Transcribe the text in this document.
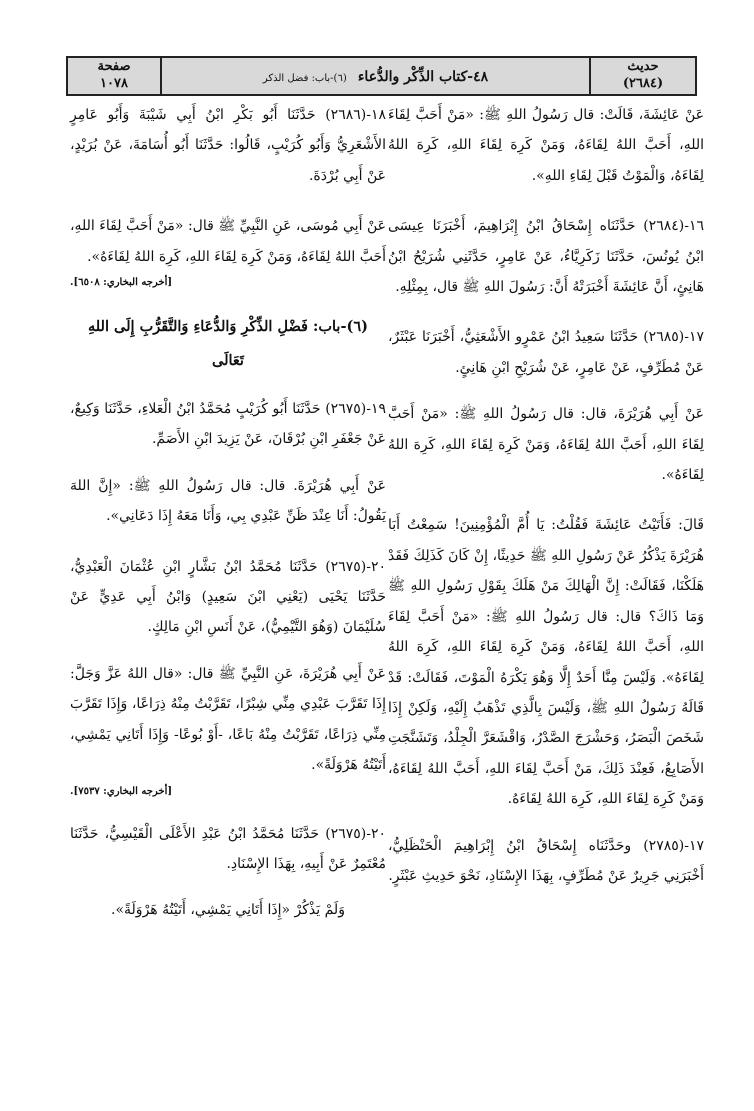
حديث
(٢٦٨٤)
٤٨-كتاب الذِّكْر والدُّعاء (٦)-باب: فضل الذكر
صفحة
١٠٧٨

عَنْ عَائِشَةَ، قَالَتْ: قال رَسُولُ اللهِ ﷺ: «مَنْ أَحَبَّ لِقَاءَ اللهِ، أَحَبَّ اللهُ لِقَاءَهُ، وَمَنْ كَرِهَ لِقَاءَ اللهِ، كَرِهَ اللهُ لِقَاءَهُ، وَالْمَوْتُ قَبْلَ لِقَاءِ اللهِ».

١٦-(٢٦٨٤) حَدَّثَنَاه إِسْحَاقُ ابْنُ إِبْرَاهِيمَ، أَخْبَرَنَا عِيسَى ابْنُ يُونُسَ، حَدَّثَنَا زَكَرِيَّاءُ، عَنْ عَامِرٍ، حَدَّثَنِي شُرَيْحُ ابْنُ هَانِئٍ، أَنَّ عَائِشَةَ أَخْبَرَتْهُ أَنَّ: رَسُولَ اللهِ ﷺ قال، بِمِثْلِهِ.

١٧-(٢٦٨٥) حَدَّثَنَا سَعِيدُ ابْنُ عَمْرٍو الأَشْعَثِيُّ، أَخْبَرَنَا عَبْثَرٌ، عَنْ مُطَرِّفٍ، عَنْ عَامِرٍ، عَنْ شُرَيْحِ ابْنِ هَانِئٍ.

عَنْ أَبِي هُرَيْرَةَ، قال: قال رَسُولُ اللهِ ﷺ: «مَنْ أَحَبَّ لِقَاءَ اللهِ، أَحَبَّ اللهُ لِقَاءَهُ، وَمَنْ كَرِهَ لِقَاءَ اللهِ، كَرِهَ اللهُ لِقَاءَهُ».

قَالَ: فَأَتَيْتُ عَائِشَةَ فَقُلْتُ: يَا أُمَّ الْمُؤْمِنِينَ! سَمِعْتُ أَبَا هُرَيْرَةَ يَذْكُرُ عَنْ رَسُولِ اللهِ ﷺ حَدِيثًا، إِنْ كَانَ كَذَلِكَ فَقَدْ هَلَكْنَا، فَقَالَتْ: إِنَّ الْهَالِكَ مَنْ هَلَكَ بِقَوْلِ رَسُولِ اللهِ ﷺ وَمَا ذَاكَ؟ قال: قال رَسُولُ اللهِ ﷺ: «مَنْ أَحَبَّ لِقَاءَ اللهِ، أَحَبَّ اللهُ لِقَاءَهُ، وَمَنْ كَرِهَ لِقَاءَ اللهِ، كَرِهَ اللهُ لِقَاءَهُ». وَلَيْسَ مِنَّا أَحَدٌ إِلَّا وَهُوَ يَكْرَهُ الْمَوْتَ، فَقَالَتْ: قَدْ قَالَهُ رَسُولُ اللهِ ﷺ، وَلَيْسَ بِالَّذِي تَذْهَبُ إِلَيْهِ، وَلَكِنْ إِذَا شَخَصَ الْبَصَرُ، وَحَشْرَجَ الصَّدْرُ، وَاقْشَعَرَّ الْجِلْدُ، وَتَشَنَّجَتِ الأَصَابِعُ، فَعِنْدَ ذَلِكَ، مَنْ أَحَبَّ لِقَاءَ اللهِ، أَحَبَّ اللهُ لِقَاءَهُ، وَمَنْ كَرِهَ لِقَاءَ اللهِ، كَرِهَ اللهُ لِقَاءَهُ.

١٧-(٢٧٨٥) وحَدَّثَنَاه إِسْحَاقُ ابْنُ إِبْرَاهِيمَ الْحَنْظَلِيُّ، أَخْبَرَنِي جَرِيرٌ عَنْ مُطَرِّفٍ، بِهَذَا الإِسْنَادِ، نَحْوَ حَدِيثِ عَبْثَرٍ.

١٨-(٢٦٨٦) حَدَّثَنَا أَبُو بَكْرِ ابْنُ أَبِي شَيْبَةَ وَأَبُو عَامِرٍ الأَشْعَرِيُّ وَأَبُو كُرَيْبٍ، قَالُوا: حَدَّثَنَا أَبُو أُسَامَةَ، عَنْ بُرَيْدٍ، عَنْ أَبِي بُرْدَةَ.

عَنْ أَبِي مُوسَى، عَنِ النَّبِيِّ ﷺ قال: «مَنْ أَحَبَّ لِقَاءَ اللهِ، أَحَبَّ اللهُ لِقَاءَهُ، وَمَنْ كَرِهَ لِقَاءَ اللهِ، كَرِهَ اللهُ لِقَاءَهُ».

[أخرجه البخاري: ٦٥٠٨].

(٦)-باب: فَضْلِ الذِّكْرِ وَالدُّعَاءِ وَالتَّقَرُّبِ إِلَى اللهِ تَعَالَى

١٩-(٢٦٧٥) حَدَّثَنَا أَبُو كُرَيْبٍ مُحَمَّدُ ابْنُ الْعَلاءِ، حَدَّثَنَا وَكِيعٌ، عَنْ جَعْفَرِ ابْنِ بُرْقَانَ، عَنْ يَزِيدَ ابْنِ الأَصَمِّ.

عَنْ أَبِي هُرَيْرَةَ. قال: قال رَسُولُ اللهِ ﷺ: «إِنَّ اللهَ يَقُولُ: أَنَا عِنْدَ ظَنِّ عَبْدِي بِي، وَأَنَا مَعَهُ إِذَا دَعَانِي».

٢٠-(٢٦٧٥) حَدَّثَنَا مُحَمَّدُ ابْنُ بَشَّارٍ ابْنِ عُثْمَانَ الْعَبْدِيُّ، حَدَّثَنَا يَحْيَى (يَعْنِي ابْنَ سَعِيدٍ) وَابْنُ أَبِي عَدِيٍّ عَنْ سُلَيْمَانَ (وَهُوَ التَّيْمِيُّ)، عَنْ أَنَسِ ابْنِ مَالِكٍ.

عَنْ أَبِي هُرَيْرَةَ، عَنِ النَّبِيِّ ﷺ قال: «قال اللهُ عَزَّ وَجَلَّ: إِذَا تَقَرَّبَ عَبْدِي مِنِّي شِبْرًا، تَقَرَّبْتُ مِنْهُ ذِرَاعًا، وَإِذَا تَقَرَّبَ مِنِّي ذِرَاعًا، تَقَرَّبْتُ مِنْهُ بَاعًا، -أَوْ بُوعًا- وَإِذَا أَتَانِي يَمْشِي، أَتَيْتُهُ هَرْوَلَةً».

[أخرجه البخاري: ٧٥٣٧].

٢٠-(٢٦٧٥) حَدَّثَنَا مُحَمَّدُ ابْنُ عَبْدِ الأَعْلَى الْقَيْسِيُّ، حَدَّثَنَا مُعْتَمِرٌ عَنْ أَبِيهِ، بِهَذَا الإِسْنَادِ.

وَلَمْ يَذْكُرْ «إِذَا أَتَانِي يَمْشِي، أَتَيْتُهُ هَرْوَلَةً».
